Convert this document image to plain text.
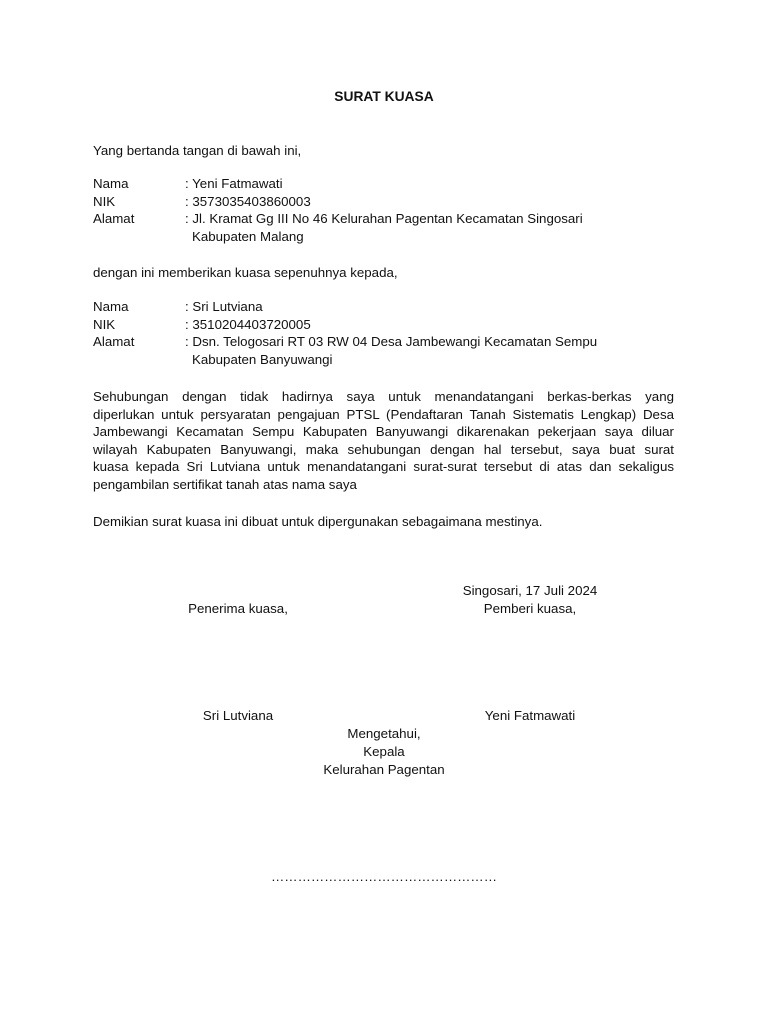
SURAT KUASA
Yang bertanda tangan di bawah ini,
Nama	: Yeni Fatmawati
NIK	: 3573035403860003
Alamat	: Jl. Kramat Gg III No 46 Kelurahan Pagentan Kecamatan Singosari
Kabupaten Malang
dengan ini memberikan kuasa sepenuhnya kepada,
Nama	: Sri Lutviana
NIK	: 3510204403720005
Alamat	: Dsn. Telogosari RT 03 RW 04 Desa Jambewangi Kecamatan Sempu
Kabupaten Banyuwangi
Sehubungan dengan tidak hadirnya saya untuk menandatangani berkas-berkas yang
diperlukan untuk persyaratan pengajuan PTSL (Pendaftaran Tanah Sistematis Lengkap) Desa
Jambewangi Kecamatan Sempu Kabupaten Banyuwangi dikarenakan pekerjaan saya diluar
wilayah Kabupaten Banyuwangi, maka sehubungan dengan hal tersebut, saya buat surat
kuasa kepada Sri Lutviana untuk menandatangani surat-surat tersebut di atas dan sekaligus
pengambilan sertifikat tanah atas nama saya
Demikian surat kuasa ini dibuat untuk dipergunakan sebagaimana mestinya.
Singosari, 17 Juli 2024
Penerima kuasa,	Pemberi kuasa,
Sri Lutviana	Yeni Fatmawati
Mengetahui,
Kepala
Kelurahan Pagentan
……………………………………………
